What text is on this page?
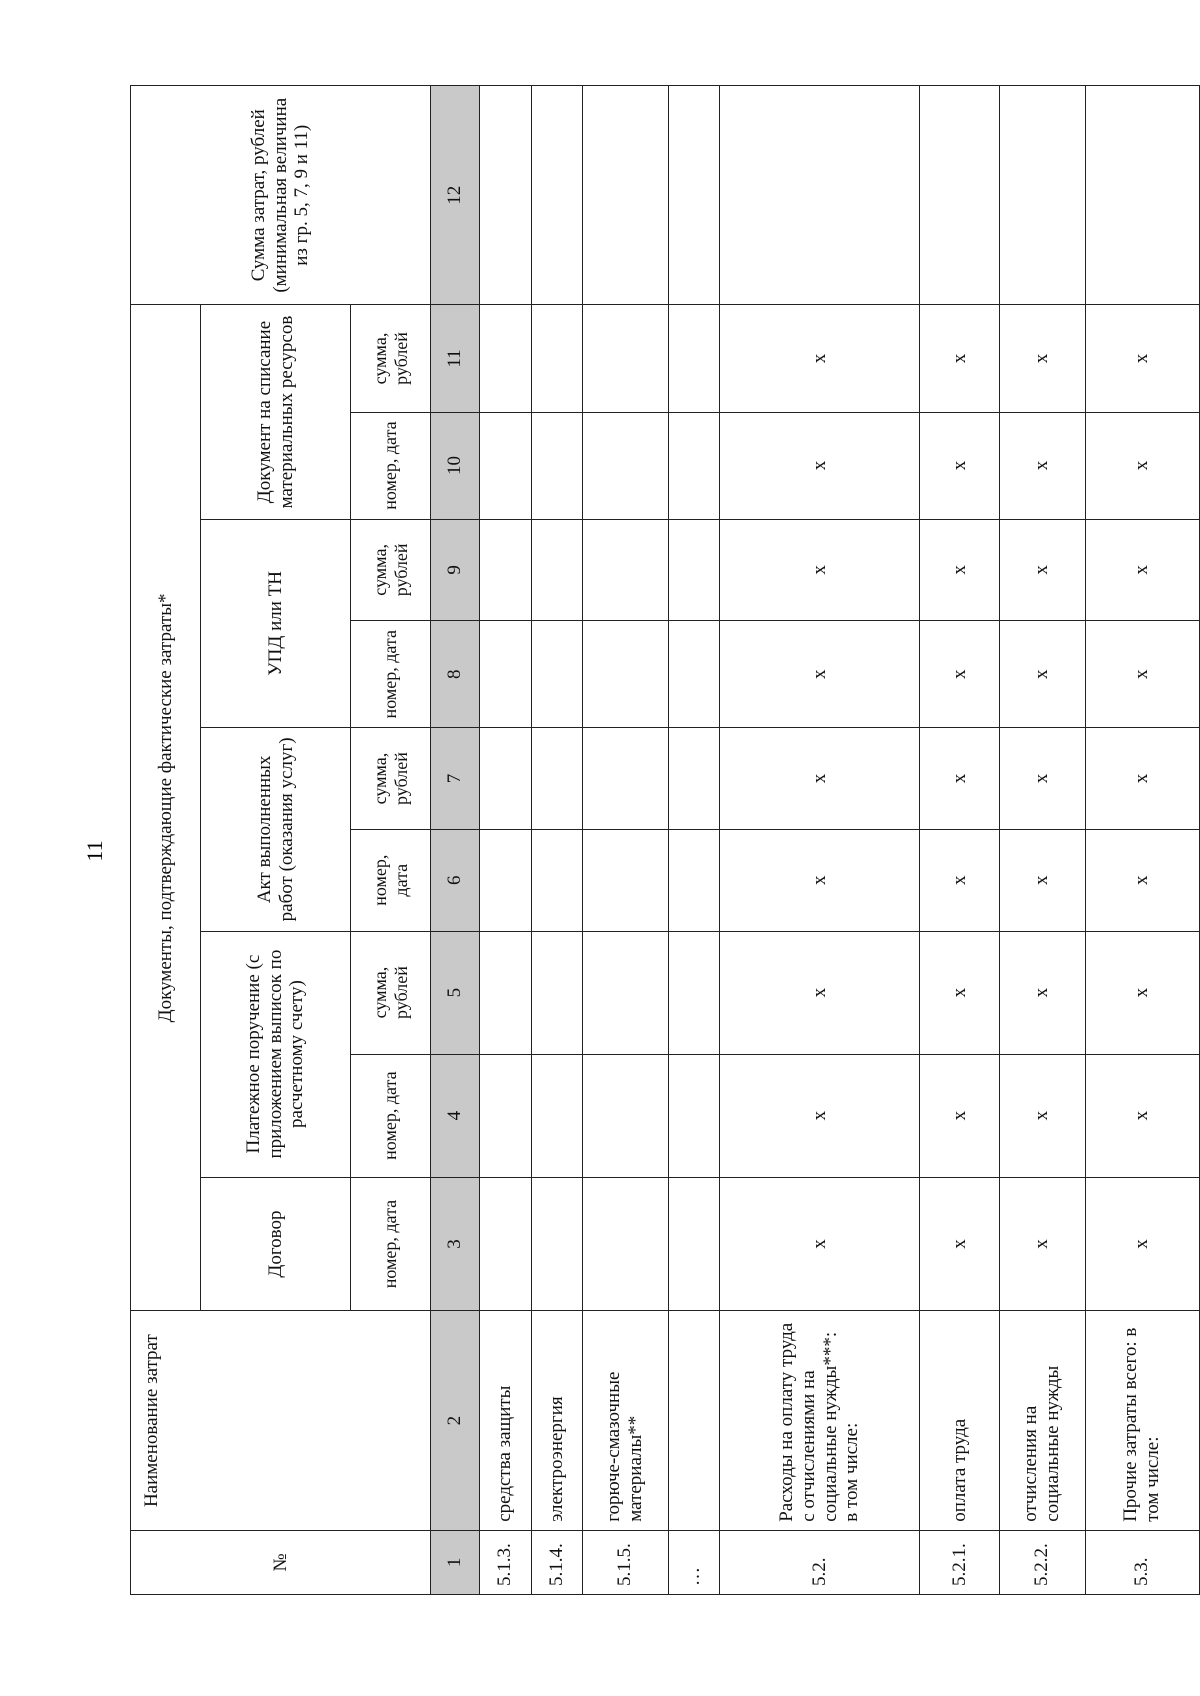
11
№	Наименование затрат	Документы, подтверждающие фактические затраты*									Сумма затрат, рублей (минимальная величина из гр. 5, 7, 9 и 11)
		Договор	Платежное поручение (с приложением выписок по расчетному счету)		Акт выполненных работ (оказания услуг)		УПД или ТН		Документ на списание материальных ресурсов		
		номер, дата	номер, дата	сумма, рублей	номер, дата	сумма, рублей	номер, дата	сумма, рублей	номер, дата	сумма, рублей	
1	2	3	4	5	6	7	8	9	10	11	12
5.1.3.	средства защиты										
5.1.4.	электроэнергия										
5.1.5.	горюче-смазочные материалы**										
…											
5.2.	Расходы на оплату труда с отчислениями на социальные нужды***: в том числе:	x	x	x	x	x	x	x	x	x	
5.2.1.	оплата труда	x	x	x	x	x	x	x	x	x	
5.2.2.	отчисления на социальные нужды	x	x	x	x	x	x	x	x	x	
5.3.	Прочие затраты всего: в том числе:	x	x	x	x	x	x	x	x	x	
